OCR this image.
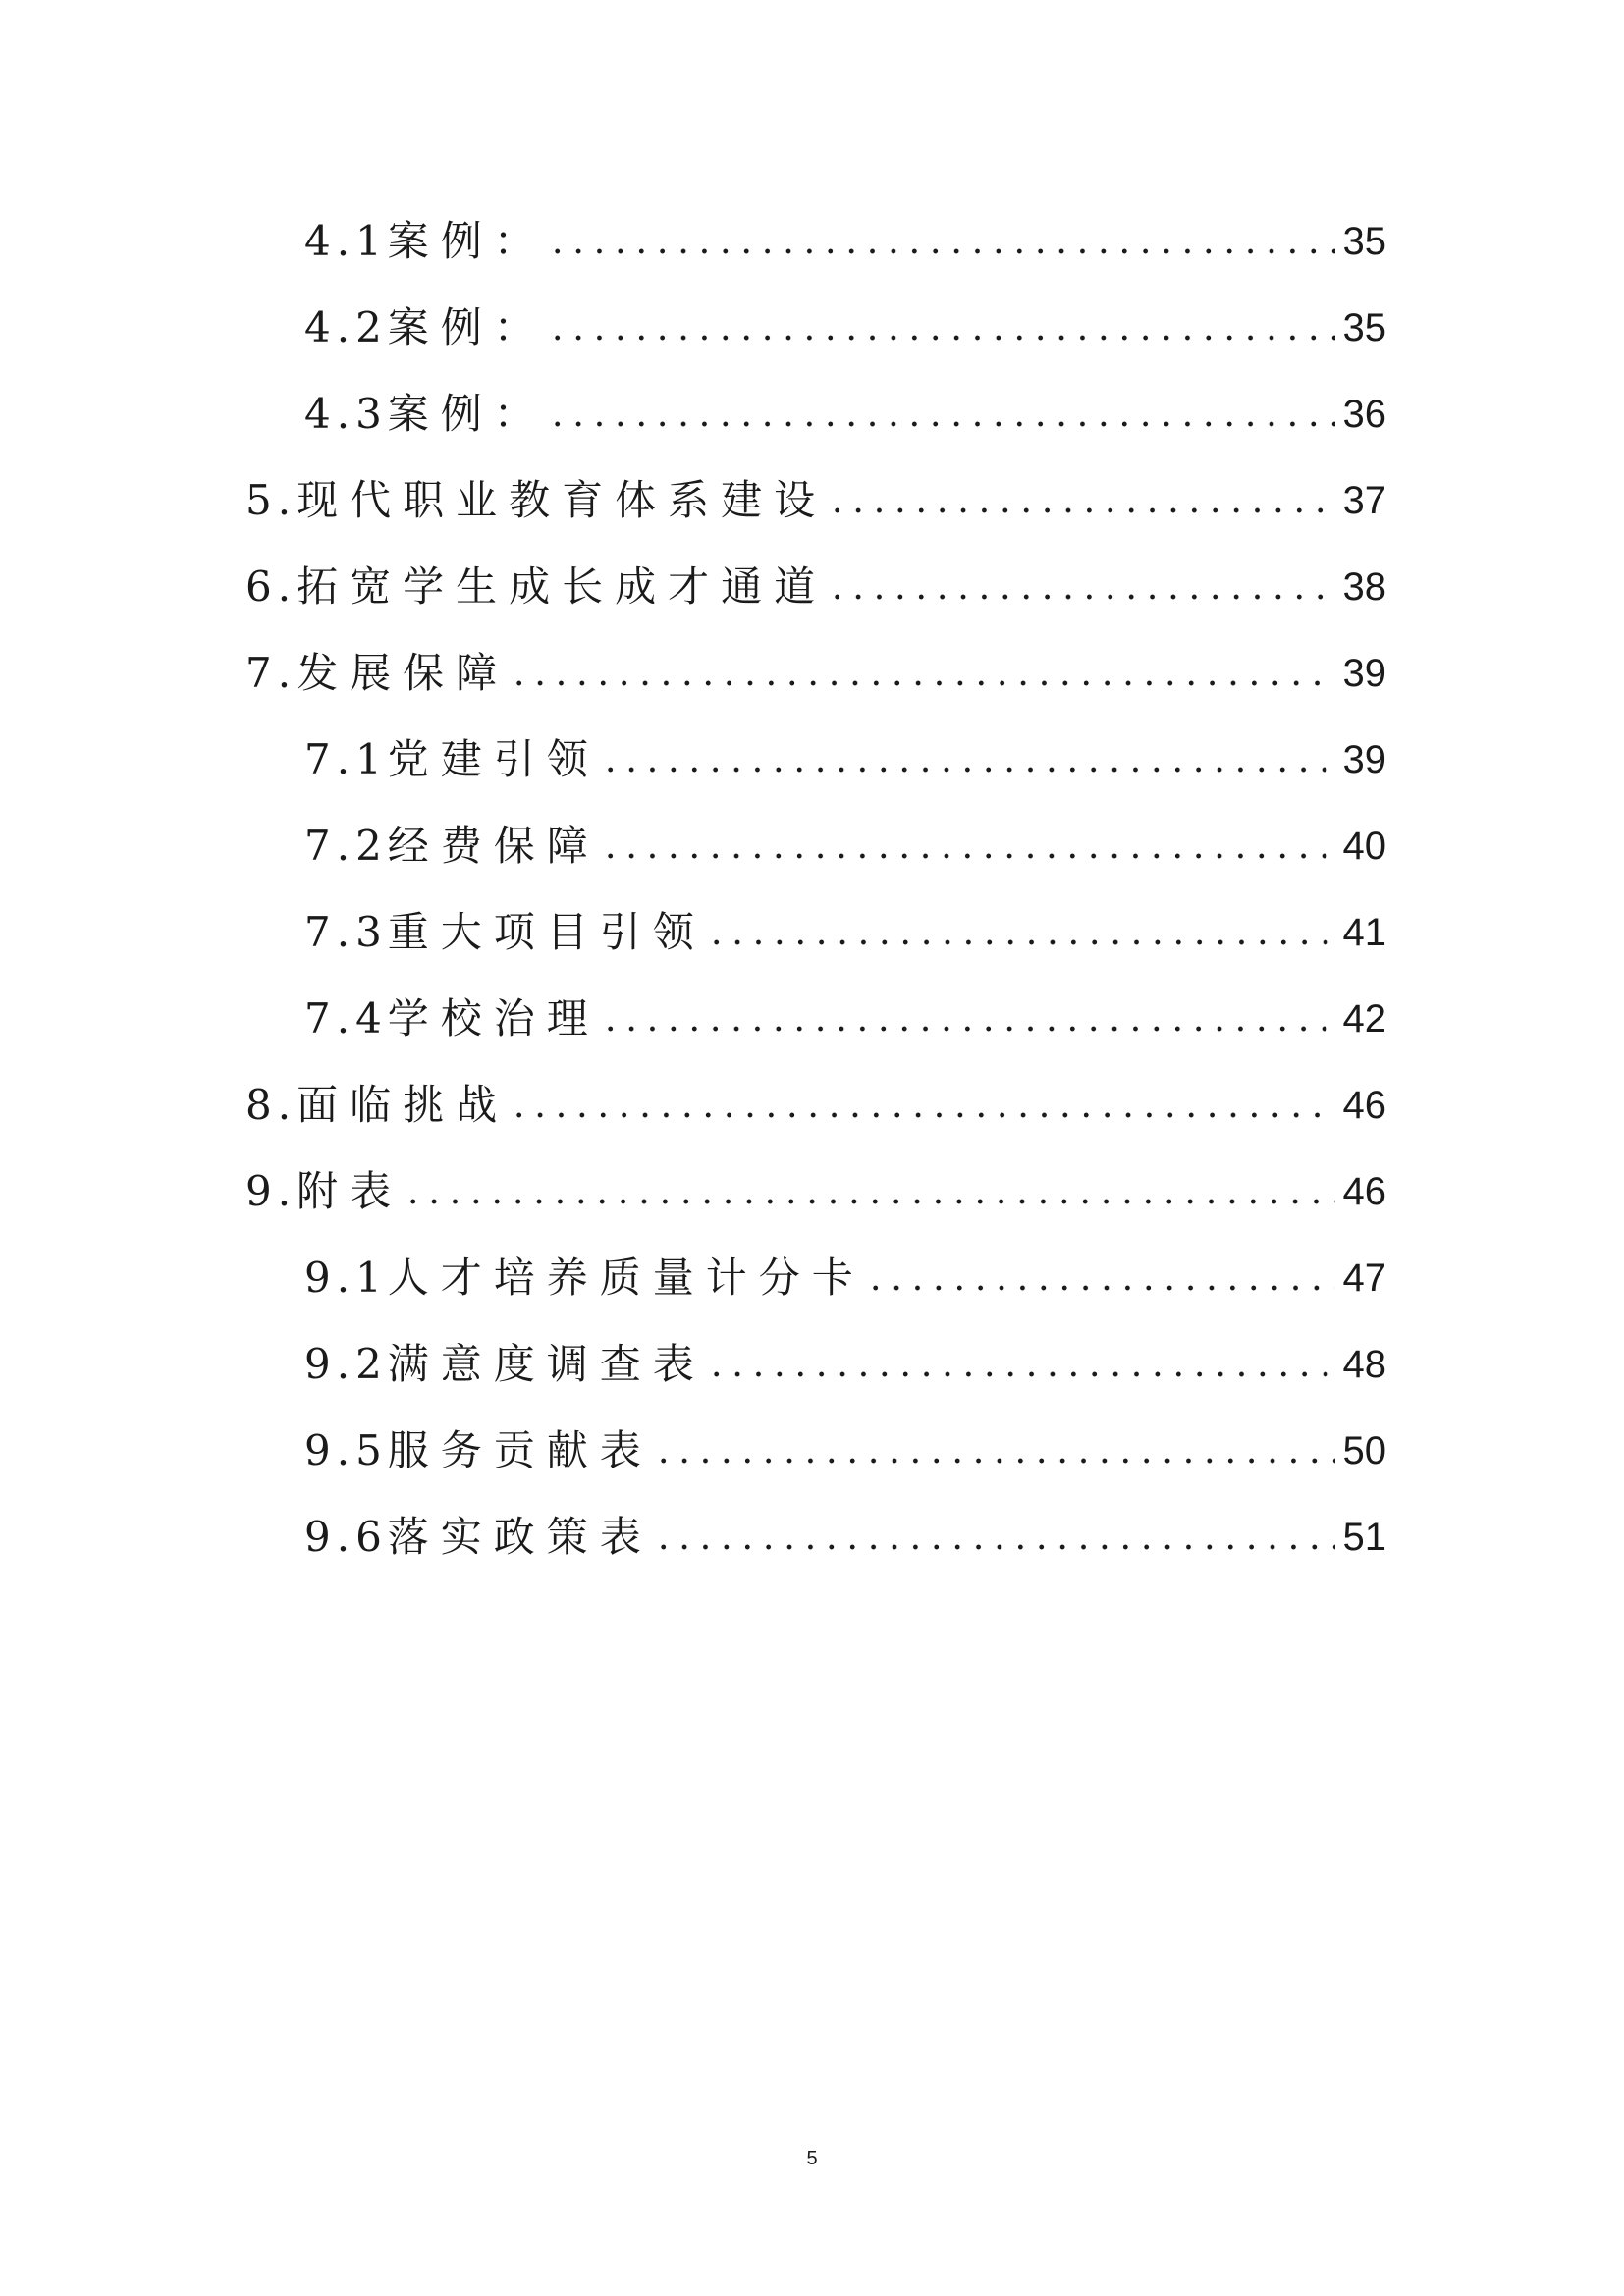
4.1 案例：	35
4.2 案例：	35
4.3 案例：	36
5. 现代职业教育体系建设	37
6. 拓宽学生成长成才通道	38
7. 发展保障	39
7.1 党建引领	39
7.2 经费保障	40
7.3 重大项目引领	41
7.4 学校治理	42
8. 面临挑战	46
9. 附表	46
9.1 人才培养质量计分卡	47
9.2 满意度调查表	48
9.5 服务贡献表	50
9.6 落实政策表	51
5
